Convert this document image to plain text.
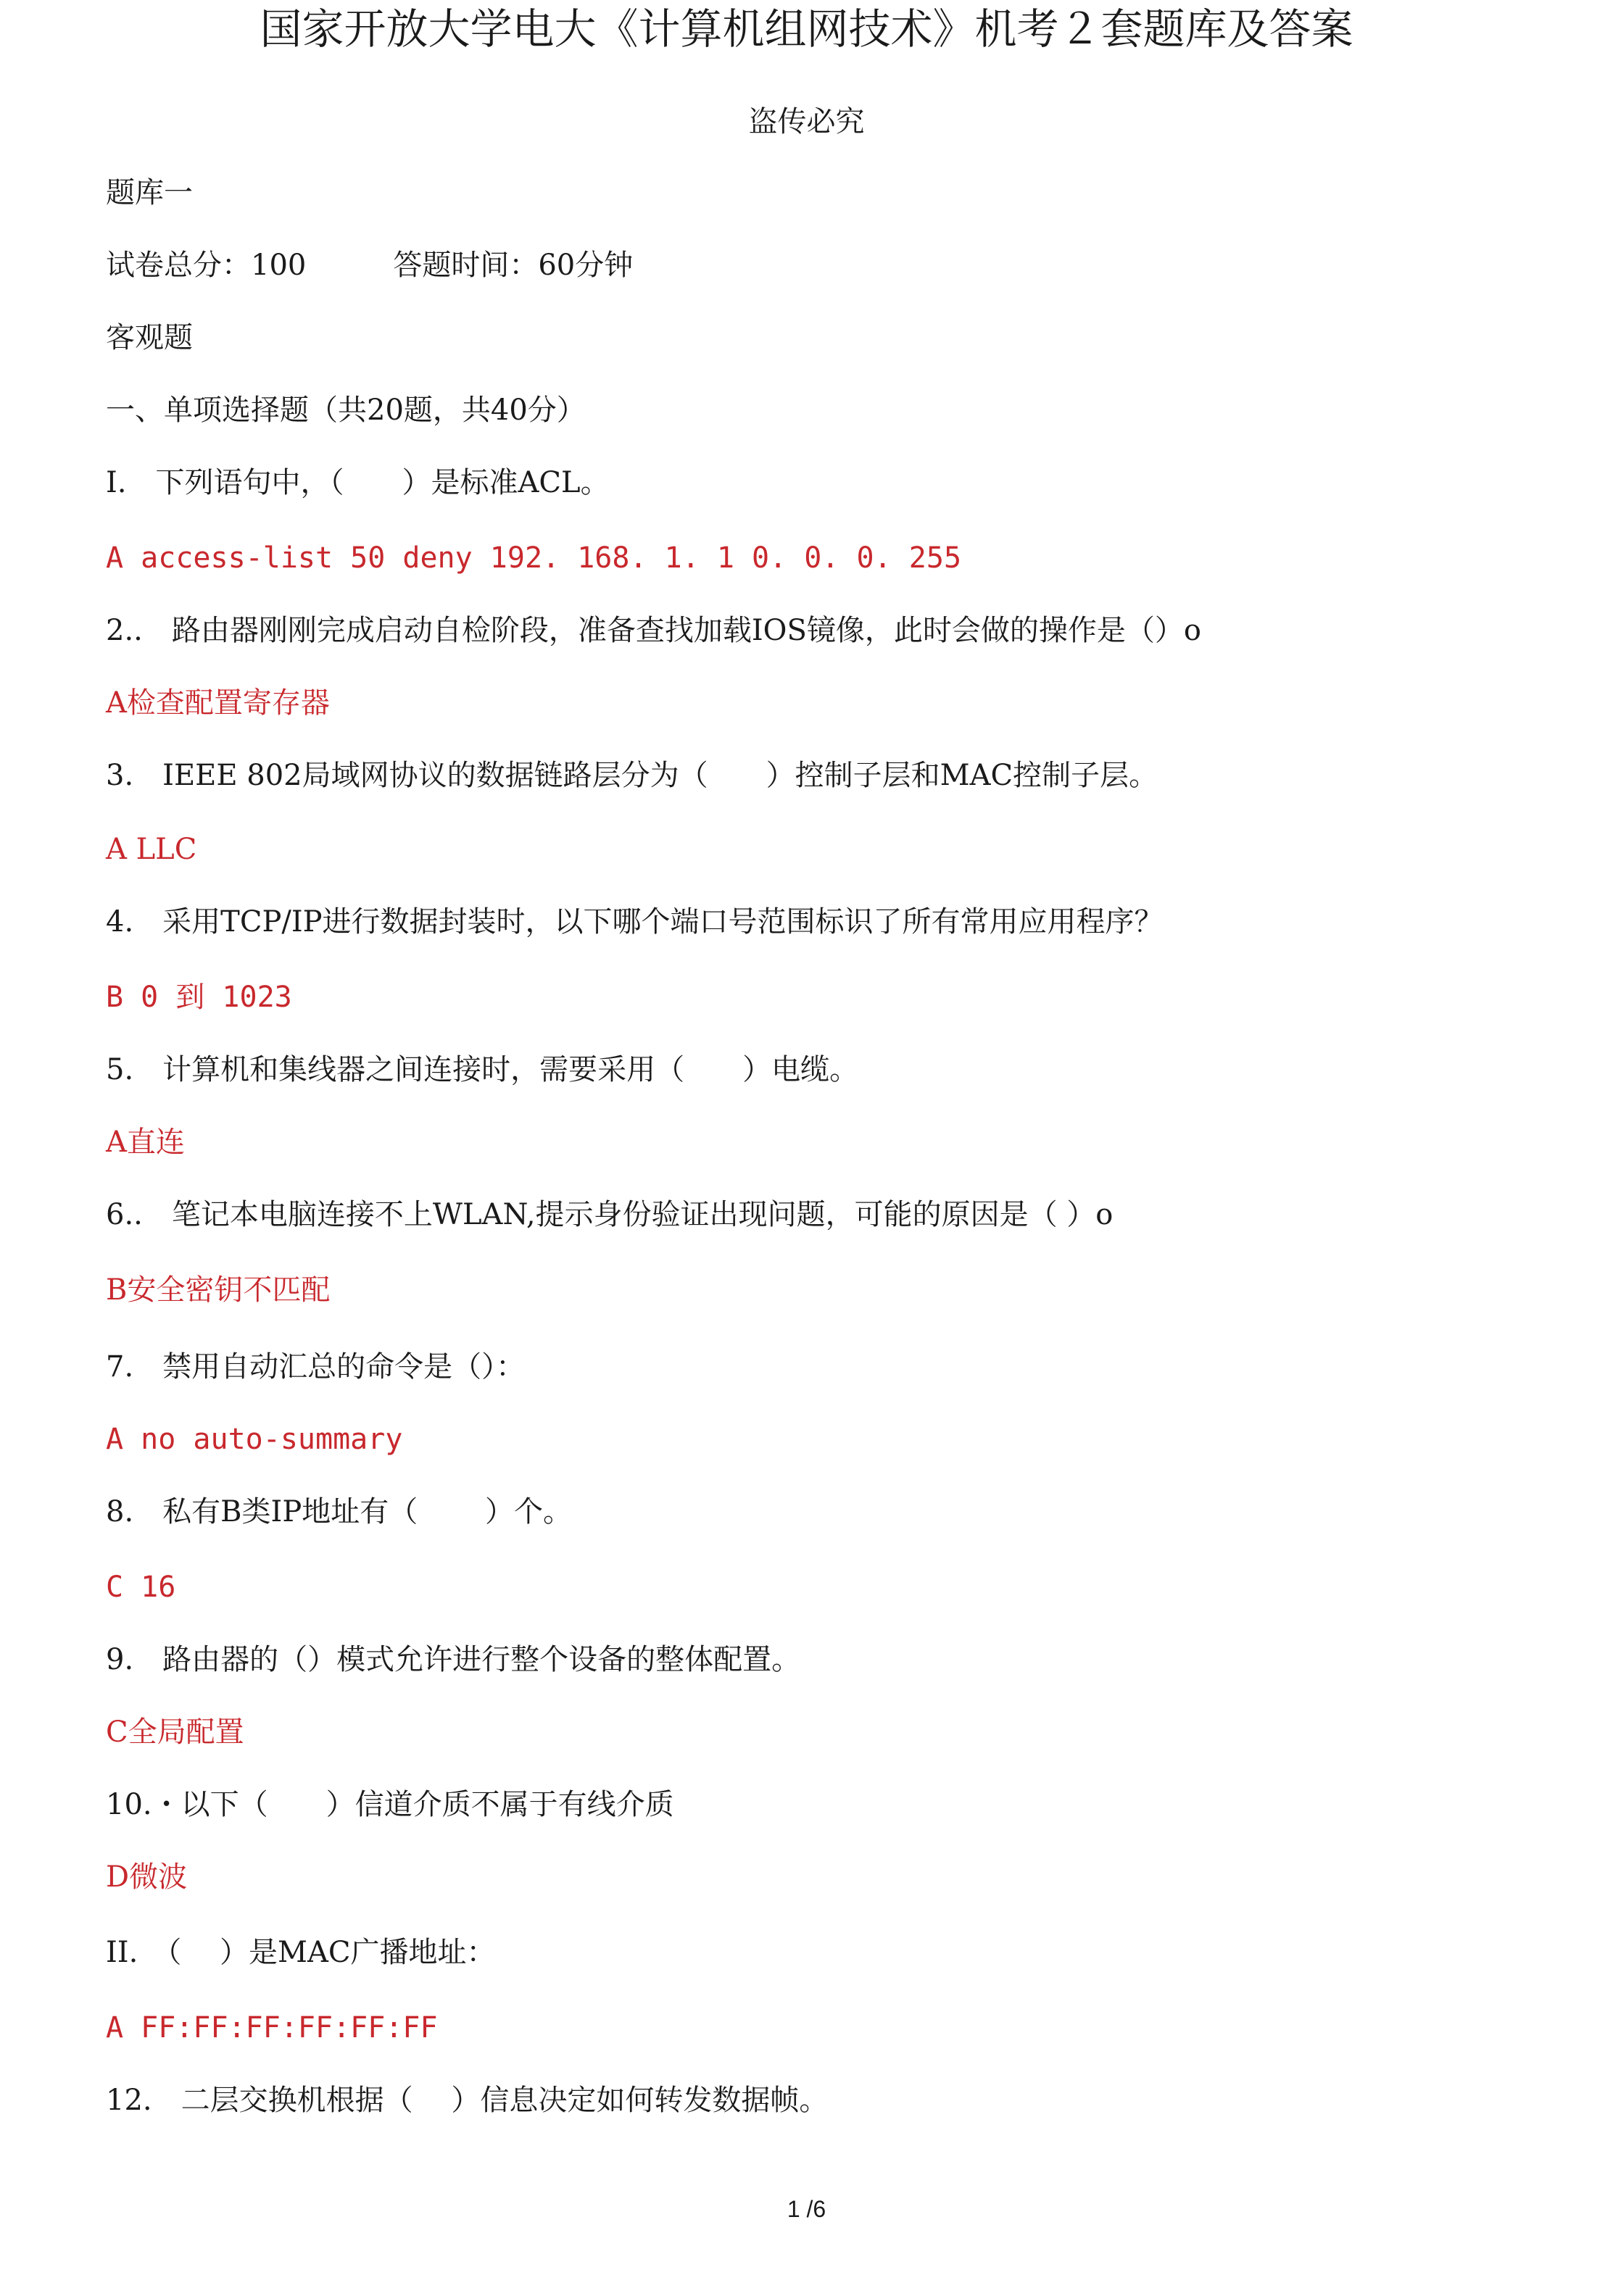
国家开放大学电大《计算机组网技术》机考２套题库及答案
盗传必究
题库一
试卷总分：100　　　答题时间：60分钟
客观题
一、单项选择题（共20题，共40分）
I.　下列语句中，（　　）是标准ACL。
A access-list 50 deny 192. 168. 1. 1 0. 0. 0. 255
2..　路由器刚刚完成启动自检阶段，准备查找加载IOS镜像，此时会做的操作是（）o
A检查配置寄存器
3.　IEEE 802局域网协议的数据链路层分为（　　）控制子层和MAC控制子层。
A LLC
4.　采用TCP/IP进行数据封装时，以下哪个端口号范围标识了所有常用应用程序？
B 0 到 1023
5.　计算机和集线器之间连接时，需要采用（　　）电缆。
A直连
6..　笔记本电脑连接不上WLAN,提示身份验证出现问题，可能的原因是（ ）o
B安全密钥不匹配
7.　禁用自动汇总的命令是（）：
A no auto-summary
8.　私有B类IP地址有（　　 ）个。
C 16
9.　路由器的（）模式允许进行整个设备的整体配置。
C全局配置
10.・以下（　　）信道介质不属于有线介质
D微波
II.　（　 ）是MAC广播地址：
A FF:FF:FF:FF:FF:FF
12.　二层交换机根据（　 ）信息决定如何转发数据帧。
1 /6
